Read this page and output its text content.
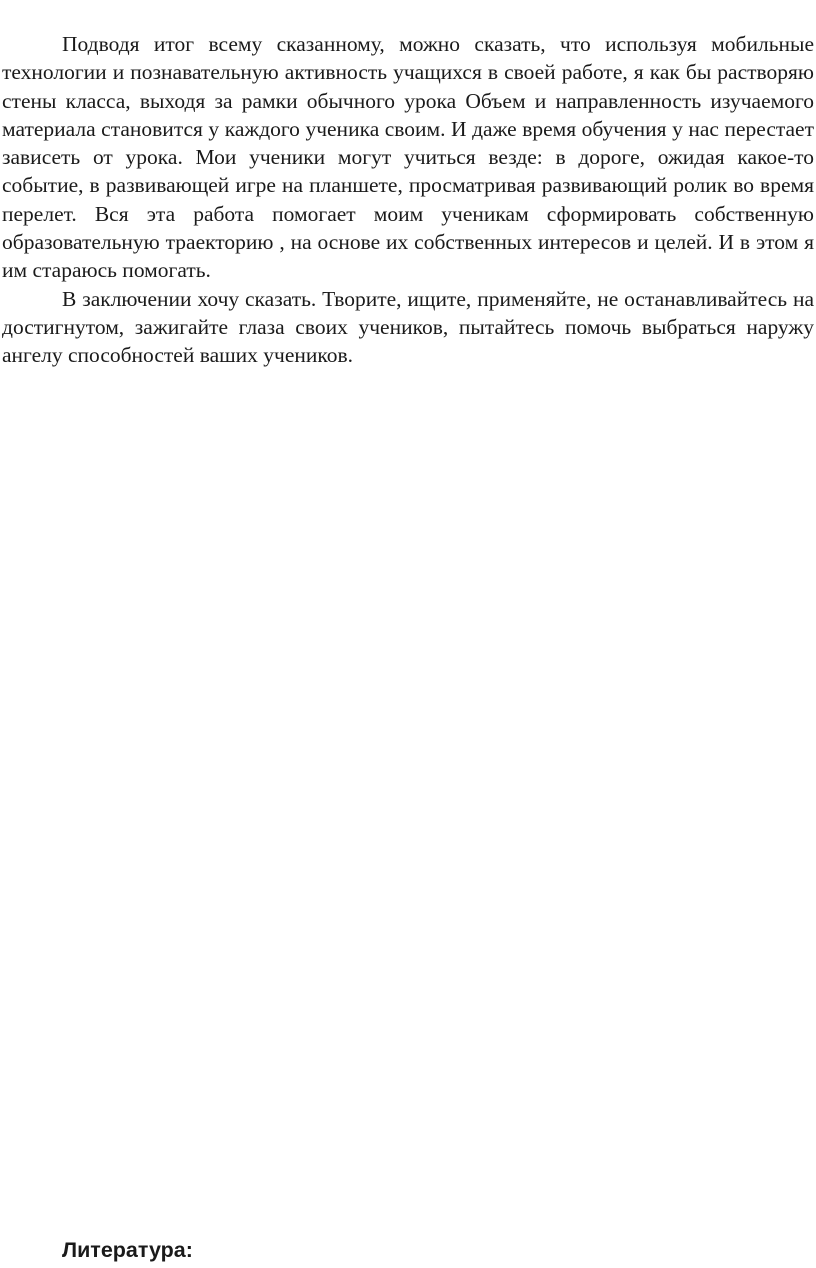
Подводя итог всему сказанному, можно сказать, что используя мобильные технологии и познавательную активность учащихся в своей работе, я как бы растворяю стены класса, выходя за рамки обычного урока Объем и направленность изучаемого материала становится у каждого ученика своим. И даже время обучения у нас перестает зависеть от урока. Мои ученики могут учиться везде: в дороге, ожидая какое-то событие, в развивающей игре на планшете, просматривая развивающий ролик во время перелет. Вся эта работа помогает моим ученикам сформировать собственную образовательную траекторию , на основе их собственных интересов и целей. И в этом я им стараюсь помогать.

В заключении хочу сказать. Творите, ищите, применяйте, не останавливайтесь на достигнутом, зажигайте глаза своих учеников, пытайтесь помочь выбраться наружу ангелу способностей ваших учеников.

Литература:
